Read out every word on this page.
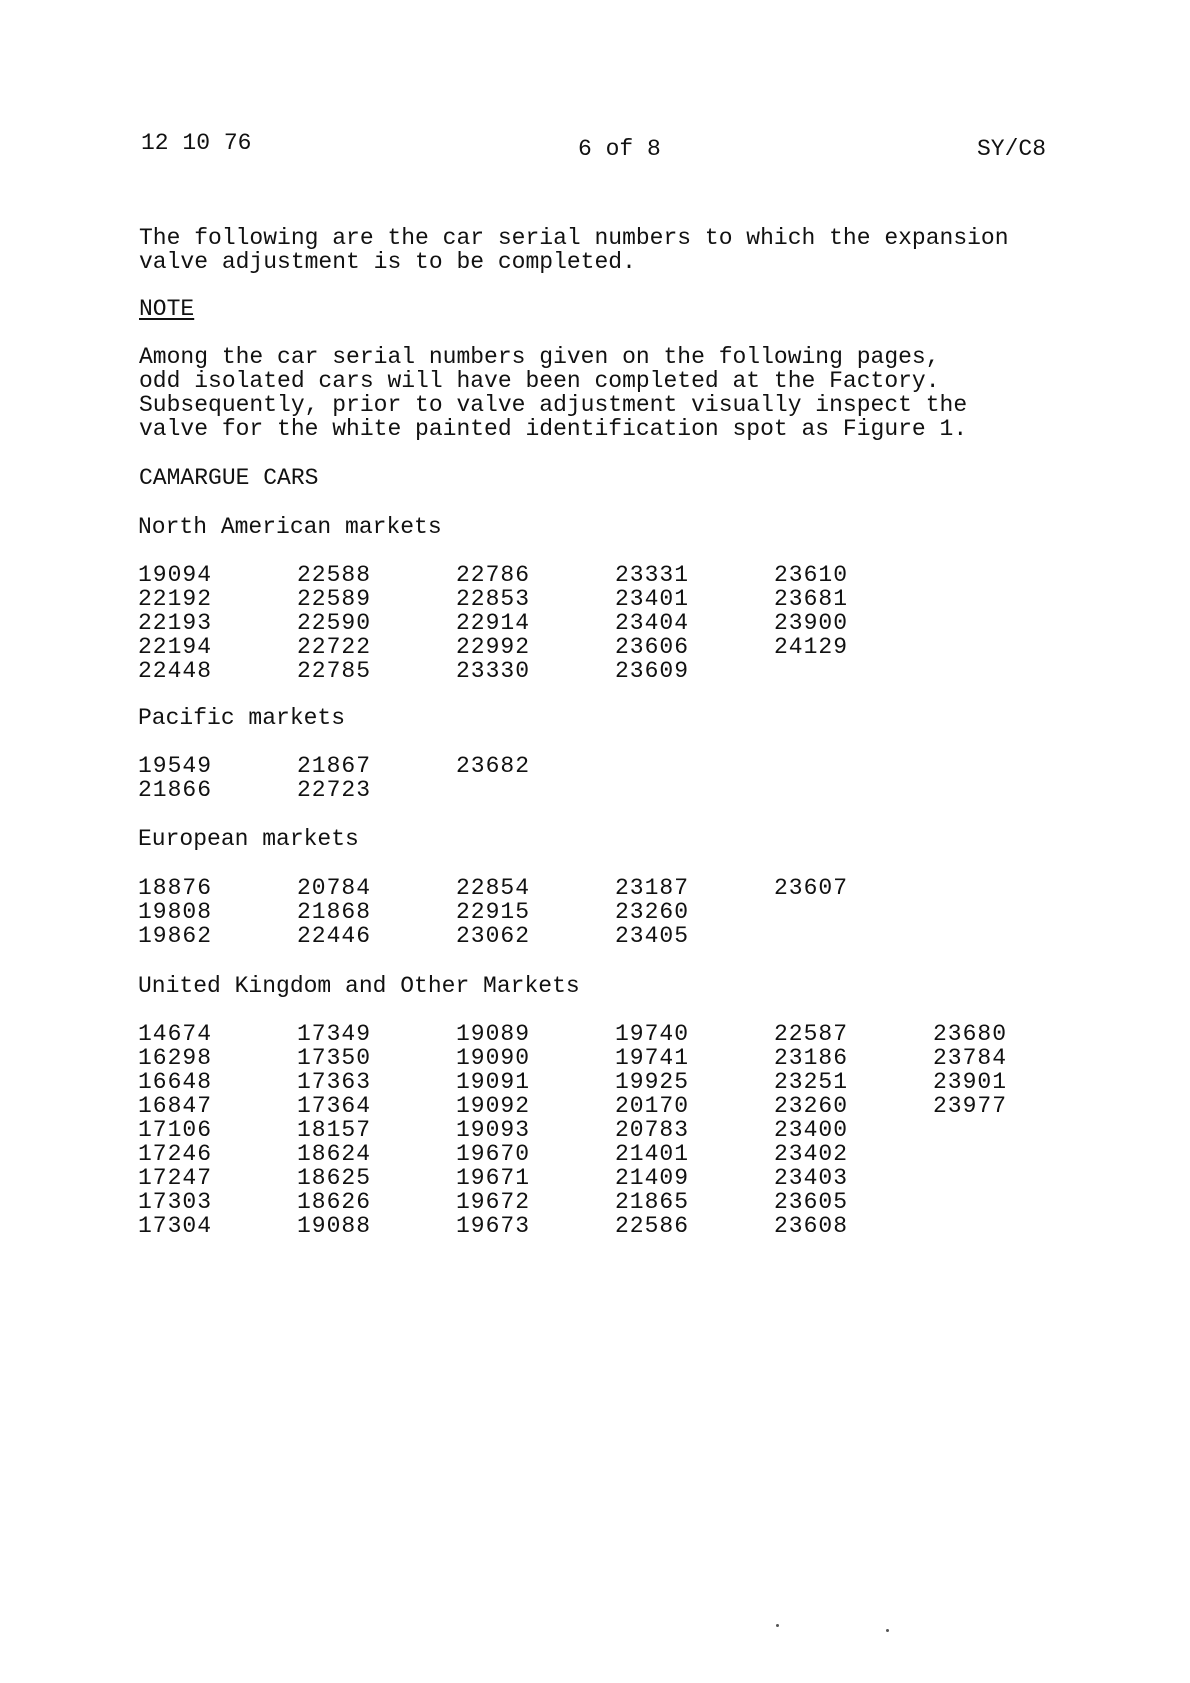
12 10 76	6 of 8	SY/C8

The following are the car serial numbers to which the expansion
valve adjustment is to be completed.

NOTE

Among the car serial numbers given on the following pages,
odd isolated cars will have been completed at the Factory.
Subsequently, prior to valve adjustment visually inspect the
valve for the white painted identification spot as Figure 1.

CAMARGUE CARS

North American markets
19094
22192
22193
22194
22448
22588
22589
22590
22722
22785
22786
22853
22914
22992
23330
23331
23401
23404
23606
23609
23610
23681
23900
24129
Pacific markets
19549
21866
21867
22723
23682
European markets
18876
19808
19862
20784
21868
22446
22854
22915
23062
23187
23260
23405
23607
United Kingdom and Other Markets
14674
16298
16648
16847
17106
17246
17247
17303
17304
17349
17350
17363
17364
18157
18624
18625
18626
19088
19089
19090
19091
19092
19093
19670
19671
19672
19673
19740
19741
19925
20170
20783
21401
21409
21865
22586
22587
23186
23251
23260
23400
23402
23403
23605
23608
23680
23784
23901
23977
